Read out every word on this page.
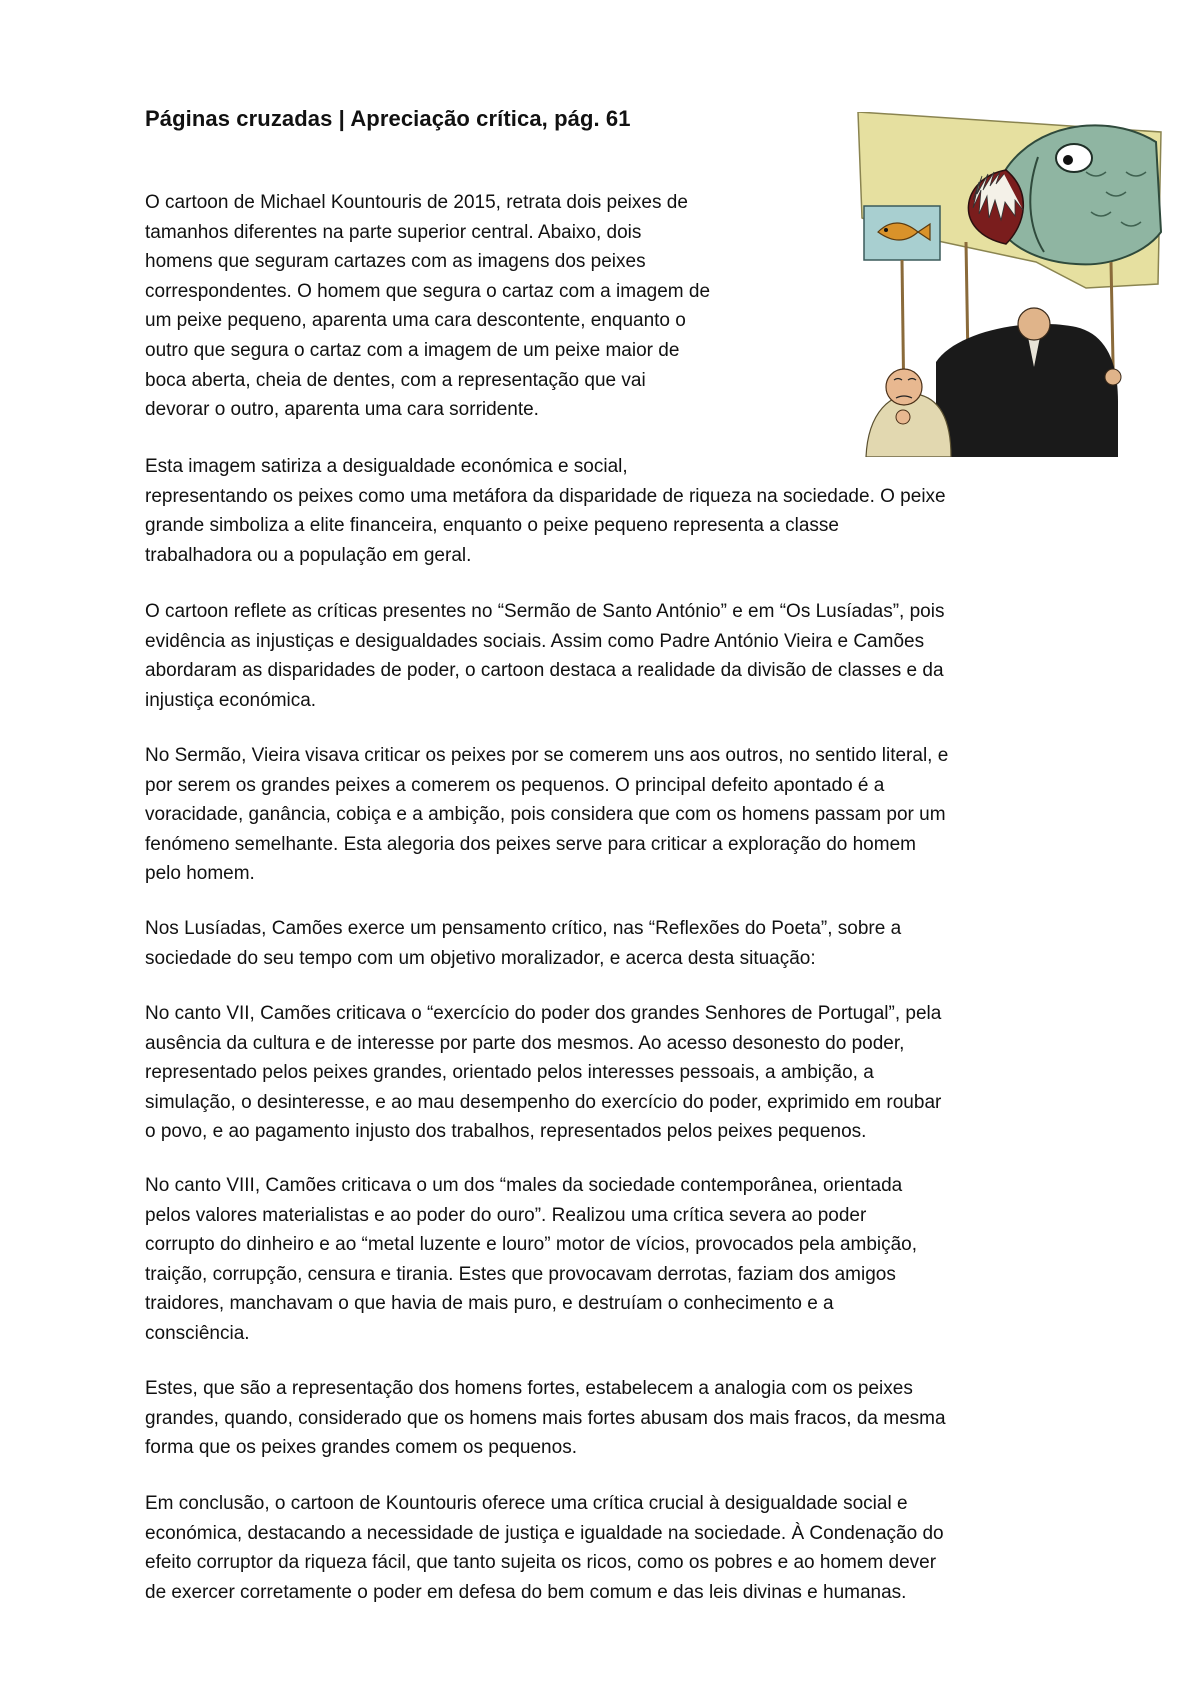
Páginas cruzadas | Apreciação crítica, pág. 61

O cartoon de Michael Kountouris de 2015, retrata dois peixes de
tamanhos diferentes na parte superior central. Abaixo, dois
homens que seguram cartazes com as imagens dos peixes
correspondentes. O homem que segura o cartaz com a imagem de
um peixe pequeno, aparenta uma cara descontente, enquanto o
outro que segura o cartaz com a imagem de um peixe maior de
boca aberta, cheia de dentes, com a representação que vai
devorar o outro, aparenta uma cara sorridente.

Esta imagem satiriza a desigualdade económica e social,
representando os peixes como uma metáfora da disparidade de riqueza na sociedade. O peixe
grande simboliza a elite financeira, enquanto o peixe pequeno representa a classe
trabalhadora ou a população em geral.

O cartoon reflete as críticas presentes no “Sermão de Santo António” e em “Os Lusíadas”, pois
evidência as injustiças e desigualdades sociais. Assim como Padre António Vieira e Camões
abordaram as disparidades de poder, o cartoon destaca a realidade da divisão de classes e da
injustiça económica.

No Sermão, Vieira visava criticar os peixes por se comerem uns aos outros, no sentido literal, e
por serem os grandes peixes a comerem os pequenos. O principal defeito apontado é a
voracidade, ganância, cobiça e a ambição, pois considera que com os homens passam por um
fenómeno semelhante. Esta alegoria dos peixes serve para criticar a exploração do homem
pelo homem.

Nos Lusíadas, Camões exerce um pensamento crítico, nas “Reflexões do Poeta”, sobre a
sociedade do seu tempo com um objetivo moralizador, e acerca desta situação:

No canto VII, Camões criticava o “exercício do poder dos grandes Senhores de Portugal”, pela
ausência da cultura e de interesse por parte dos mesmos. Ao acesso desonesto do poder,
representado pelos peixes grandes, orientado pelos interesses pessoais, a ambição, a
simulação, o desinteresse, e ao mau desempenho do exercício do poder, exprimido em roubar
o povo, e ao pagamento injusto dos trabalhos, representados pelos peixes pequenos.

No canto VIII, Camões criticava o um dos “males da sociedade contemporânea, orientada
pelos valores materialistas e ao poder do ouro”. Realizou uma crítica severa ao poder
corrupto do dinheiro e ao “metal luzente e louro” motor de vícios, provocados pela ambição,
traição, corrupção, censura e tirania. Estes que provocavam derrotas, faziam dos amigos
traidores, manchavam o que havia de mais puro, e destruíam o conhecimento e a
consciência.

Estes, que são a representação dos homens fortes, estabelecem a analogia com os peixes
grandes, quando, considerado que os homens mais fortes abusam dos mais fracos, da mesma
forma que os peixes grandes comem os pequenos.

Em conclusão, o cartoon de Kountouris oferece uma crítica crucial à desigualdade social e
económica, destacando a necessidade de justiça e igualdade na sociedade. À Condenação do
efeito corruptor da riqueza fácil, que tanto sujeita os ricos, como os pobres e ao homem dever
de exercer corretamente o poder em defesa do bem comum e das leis divinas e humanas.
